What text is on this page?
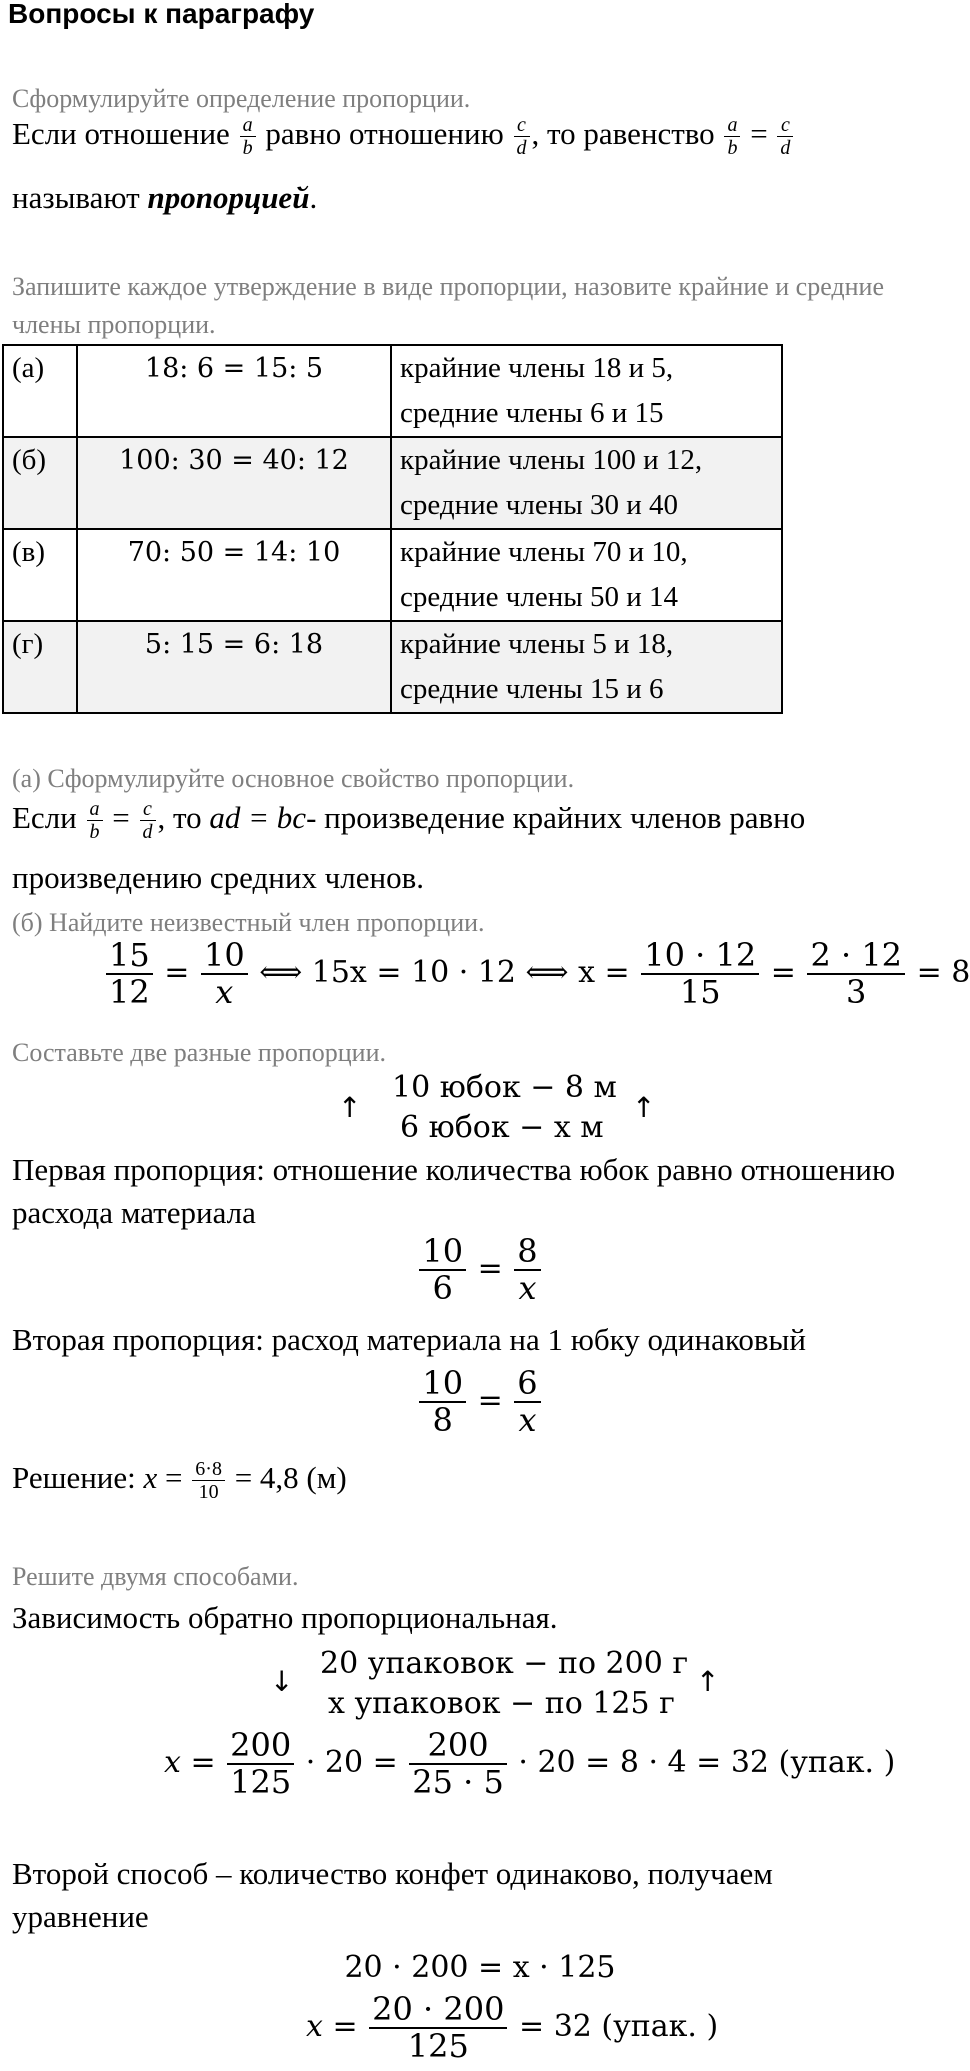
Вопросы к параграфу
Сформулируйте определение пропорции.
Если отношение $\frac{a}{b}$ равно отношению $\frac{c}{d}$ , то равенство $\frac{a}{b} = \frac{c}{d}$
называют пропорцией.
Запишите каждое утверждение в виде пропорции, назовите крайние и средние члены пропорции.
(а)	18: 6 = 15: 5	крайние члены 18 и 5,
средние члены 6 и 15

(б)	100: 30 = 40: 12	крайние члены 100 и 12,
средние члены 30 и 40

(в)	70: 50 = 14: 10	крайние члены 70 и 10,
средние члены 50 и 14

(г)	5: 15 = 6: 18	крайние члены 5 и 18,
средние члены 15 и 6
(а) Сформулируйте основное свойство пропорции.
Если $\frac{a}{b} = \frac{c}{d}$ , то ad = bc- произведение крайних членов равно
произведению средних членов.
(б) Найдите неизвестный член пропорции.
$\frac{15}{12} = \frac{10}{x}$ ⟺ 15x = 10 · 12 ⟺ $x = \frac{10 \cdot 12}{15} = \frac{2 \cdot 12}{3} = 8$
Составьте две разные пропорции.
↑	↑
10 юбок − 8 м
6 юбок − x м
Первая пропорция: отношение количества юбок равно отношению
расхода материала
$\frac{10}{6} = \frac{8}{x}$
Вторая пропорция: расход материала на 1 юбку одинаковый
$\frac{10}{8} = \frac{6}{x}$
Решение: $x = \frac{6\cdot 8}{10} = 4,8$ (м)
Решите двумя способами.
Зависимость обратно пропорциональная.
↓	↑
20 упаковок − по 200 г
x упаковок − по 125 г
$x = \frac{200}{125} \cdot 20 = \frac{200}{25 \cdot 5} \cdot 20 = 8 \cdot 4 = 32$ (упак. )
Второй способ – количество конфет одинаково, получаем
уравнение
20 · 200 = x · 125
$x = \frac{20 \cdot 200}{125} = 32$ (упак. )
